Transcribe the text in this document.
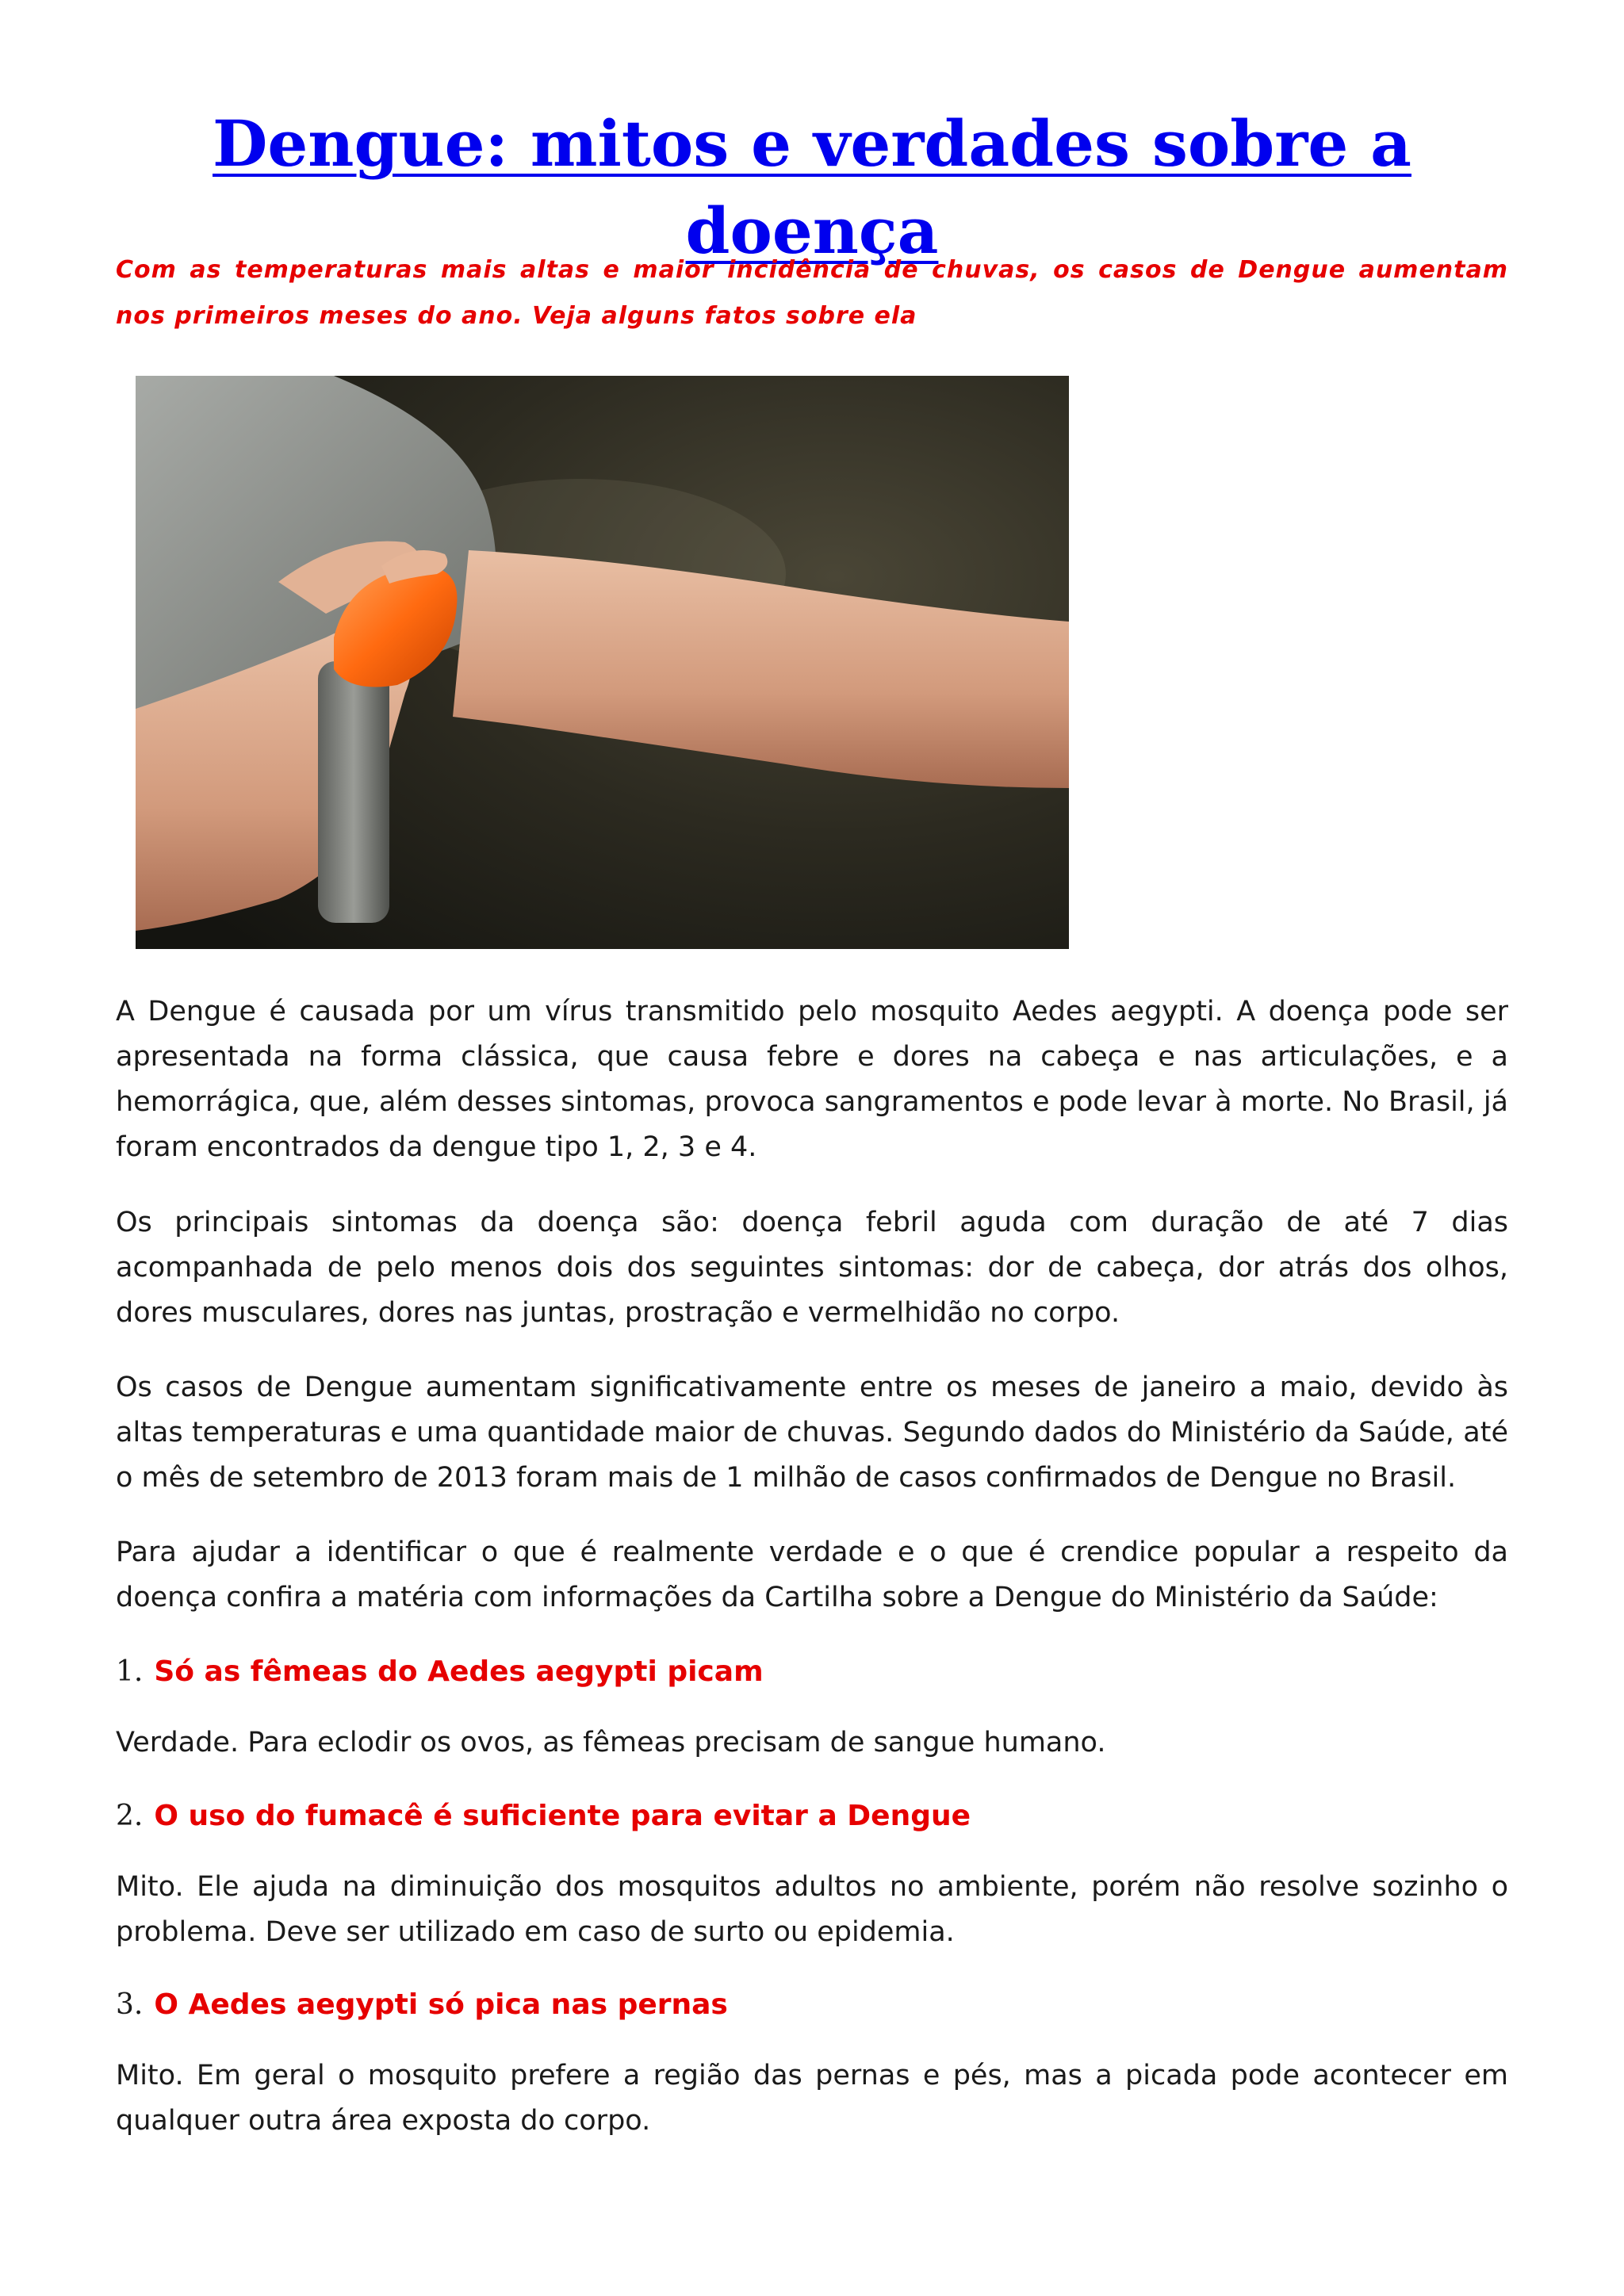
Dengue: mitos e verdades sobre a doença

Com as temperaturas mais altas e maior incidência de chuvas, os casos de Dengue aumentam nos primeiros meses do ano. Veja alguns fatos sobre ela

A Dengue é causada por um vírus transmitido pelo mosquito Aedes aegypti. A doença pode ser apresentada na forma clássica, que causa febre e dores na cabeça e nas articulações, e a hemorrágica, que, além desses sintomas, provoca sangramentos e pode levar à morte. No Brasil, já foram encontrados da dengue tipo 1, 2, 3 e 4.

Os principais sintomas da doença são: doença febril aguda com duração de até 7 dias acompanhada de pelo menos dois dos seguintes sintomas: dor de cabeça, dor atrás dos olhos, dores musculares, dores nas juntas, prostração e vermelhidão no corpo.

Os casos de Dengue aumentam significativamente entre os meses de janeiro a maio, devido às altas temperaturas e uma quantidade maior de chuvas. Segundo dados do Ministério da Saúde, até o mês de setembro de 2013 foram mais de 1 milhão de casos confirmados de Dengue no Brasil.

Para ajudar a identificar o que é realmente verdade e o que é crendice popular a respeito da doença confira a matéria com informações da Cartilha sobre a Dengue do Ministério da Saúde:

1. Só as fêmeas do Aedes aegypti picam

Verdade. Para eclodir os ovos, as fêmeas precisam de sangue humano.

2. O uso do fumacê é suficiente para evitar a Dengue

Mito. Ele ajuda na diminuição dos mosquitos adultos no ambiente, porém não resolve sozinho o problema. Deve ser utilizado em caso de surto ou epidemia.

3. O Aedes aegypti só pica nas pernas

Mito. Em geral o mosquito prefere a região das pernas e pés, mas a picada pode acontecer em qualquer outra área exposta do corpo.
